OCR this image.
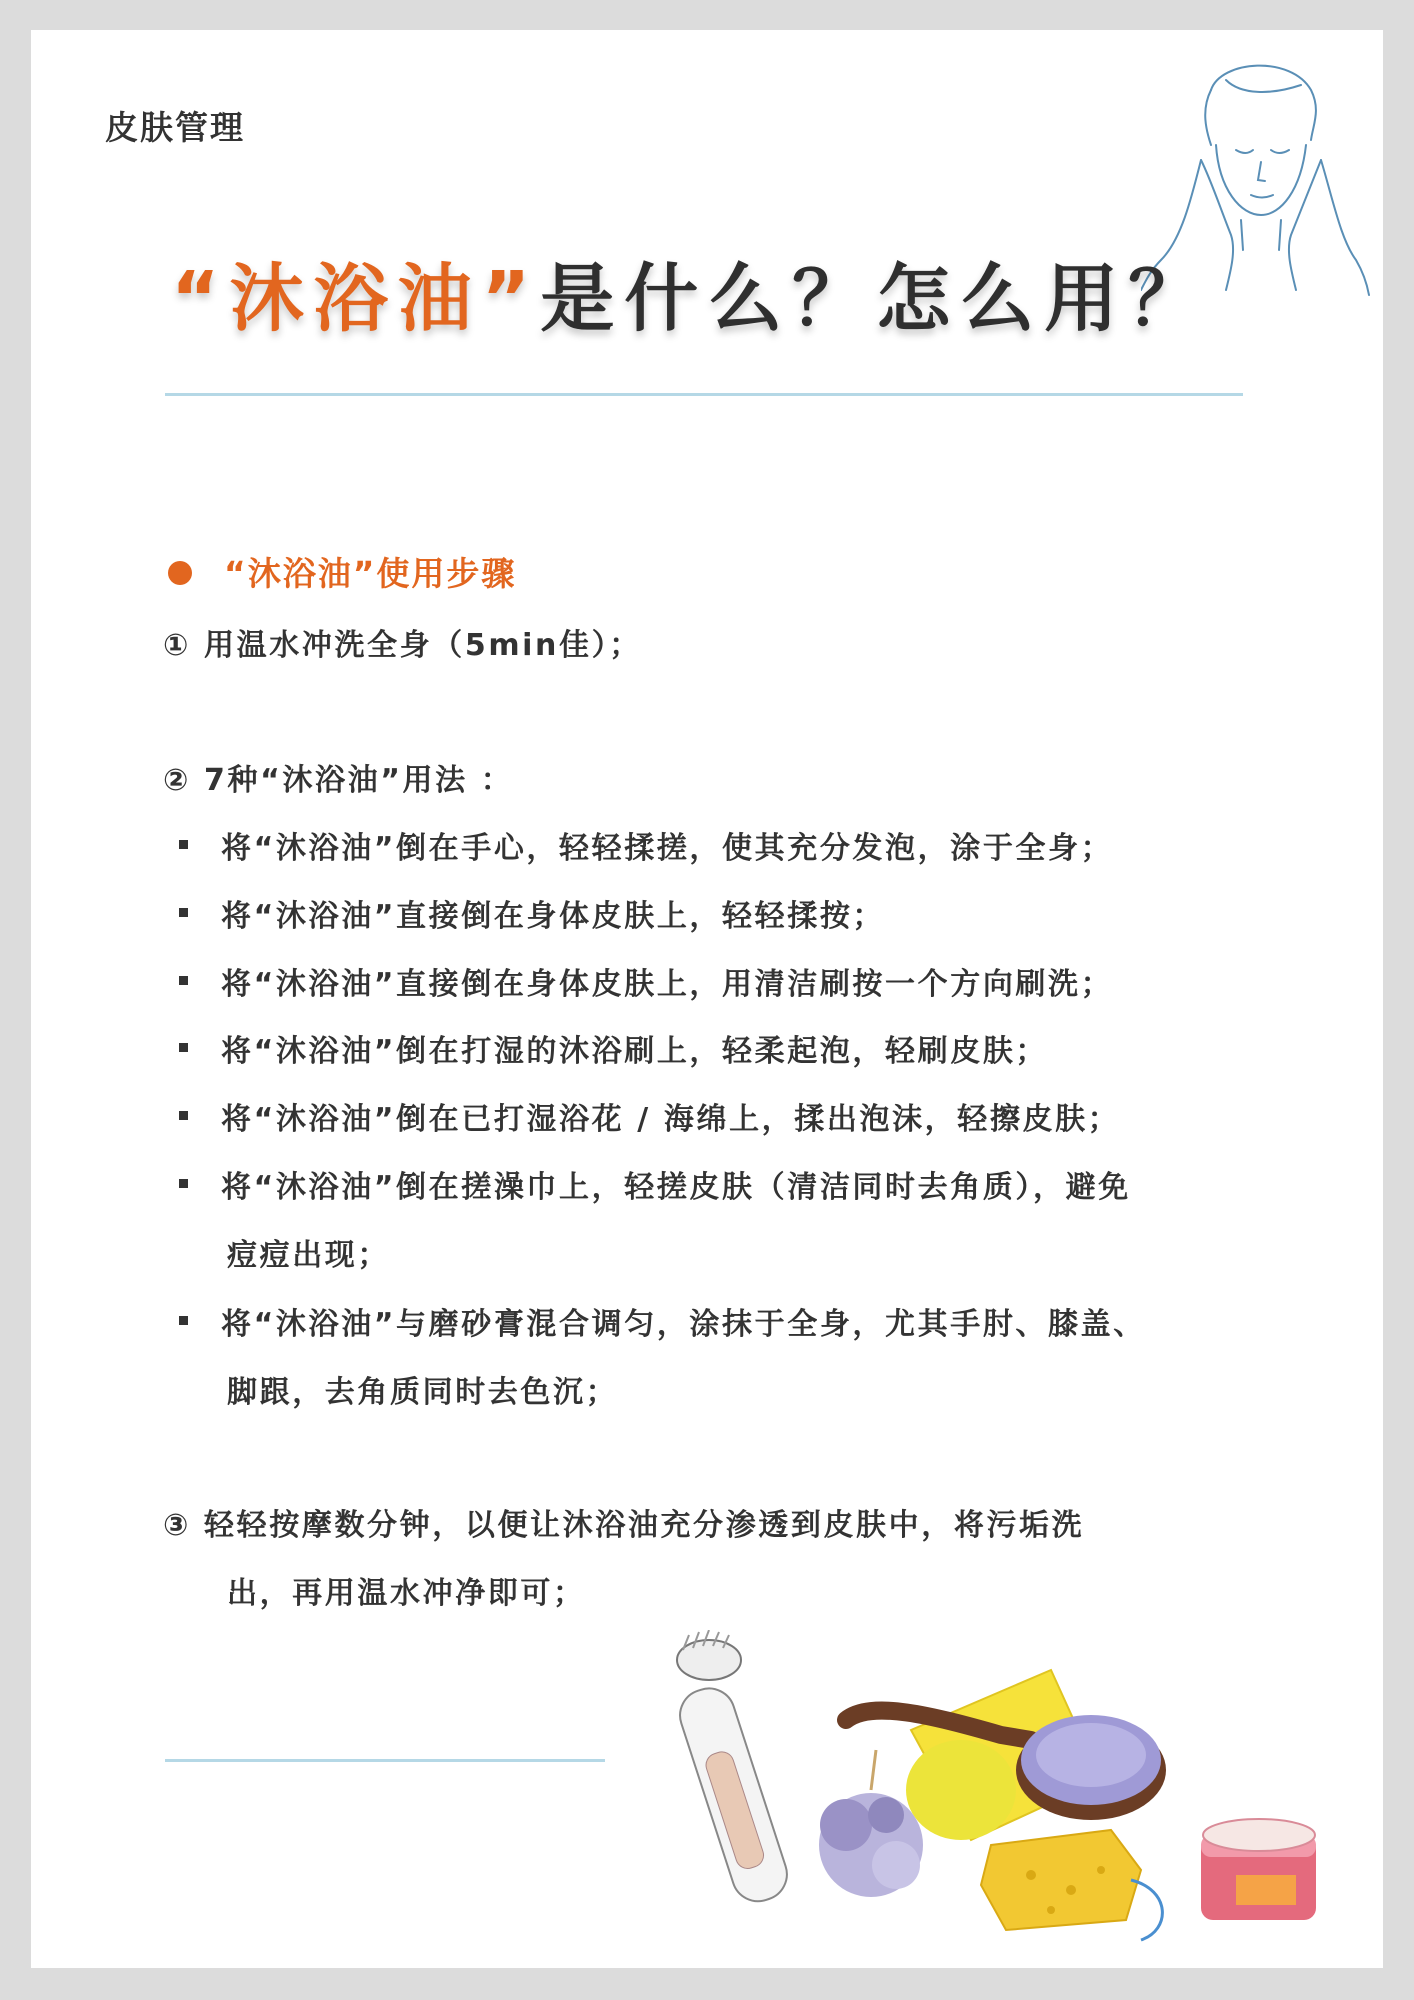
皮肤管理
“沐浴油”是什么？怎么用？
“沐浴油”使用步骤
① 用温水冲洗全身（5min佳）；
② 7种“沐浴油”用法 ：
将“沐浴油”倒在手心，轻轻揉搓，使其充分发泡，涂于全身；
将“沐浴油”直接倒在身体皮肤上，轻轻揉按；
将“沐浴油”直接倒在身体皮肤上，用清洁刷按一个方向刷洗；
将“沐浴油”倒在打湿的沐浴刷上，轻柔起泡，轻刷皮肤；
将“沐浴油”倒在已打湿浴花 / 海绵上，揉出泡沫，轻擦皮肤；
将“沐浴油”倒在搓澡巾上，轻搓皮肤（清洁同时去角质），避免
痘痘出现；
将“沐浴油”与磨砂膏混合调匀，涂抹于全身，尤其手肘、膝盖、
脚跟，去角质同时去色沉；
③ 轻轻按摩数分钟，以便让沐浴油充分渗透到皮肤中，将污垢洗
出，再用温水冲净即可；
